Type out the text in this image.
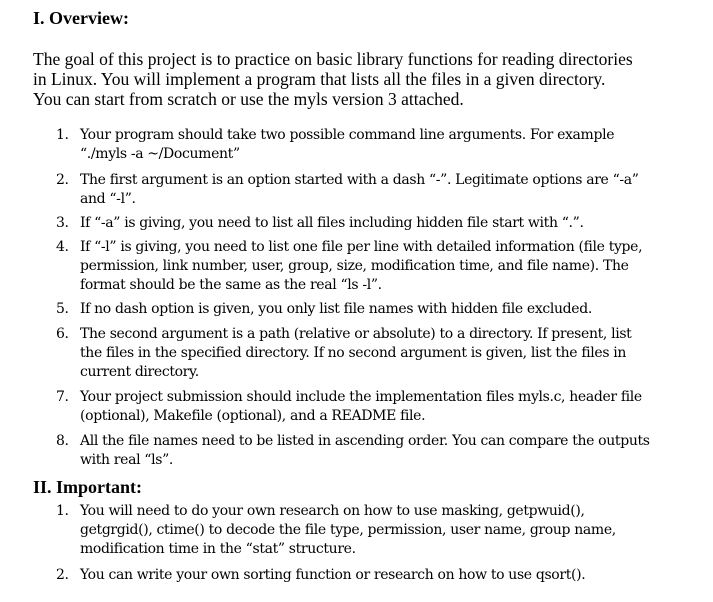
I. Overview:
The goal of this project is to practice on basic library functions for reading directories
in Linux. You will implement a program that lists all the files in a given directory.
You can start from scratch or use the myls version 3 attached.
1. Your program should take two possible command line arguments. For example
“./myls -a ~/Document”
2. The first argument is an option started with a dash “-”. Legitimate options are “-a”
and “-l”.
3. If “-a” is giving, you need to list all files including hidden file start with “.”.
4. If “-l” is giving, you need to list one file per line with detailed information (file type,
permission, link number, user, group, size, modification time, and file name). The
format should be the same as the real “ls -l”.
5. If no dash option is given, you only list file names with hidden file excluded.
6. The second argument is a path (relative or absolute) to a directory. If present, list
the files in the specified directory. If no second argument is given, list the files in
current directory.
7. Your project submission should include the implementation files myls.c, header file
(optional), Makefile (optional), and a README file.
8. All the file names need to be listed in ascending order. You can compare the outputs
with real “ls”.
II. Important:
1. You will need to do your own research on how to use masking, getpwuid(),
getgrgid(), ctime() to decode the file type, permission, user name, group name,
modification time in the “stat” structure.
2. You can write your own sorting function or research on how to use qsort().
